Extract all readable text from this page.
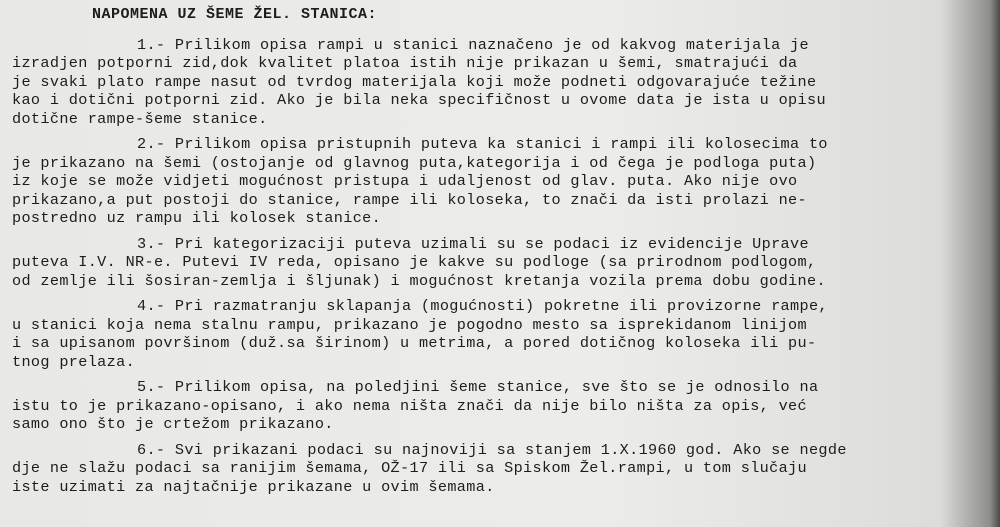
NAPOMENA UZ ŠEME ŽEL. STANICA:
1.- Prilikom opisa rampi u stanici naznačeno je od kakvog materijala je
izradjen potporni zid,dok kvalitet platoa istih nije prikazan u šemi, smatrajući da
je svaki plato rampe nasut od tvrdog materijala koji može podneti odgovarajuće težine
kao i dotični potporni zid. Ako je bila neka specifičnost u ovome data je ista u opisu
dotične rampe-šeme stanice.
2.- Prilikom opisa pristupnih puteva ka stanici i rampi ili kolosecima to
je prikazano na šemi (ostojanje od glavnog puta,kategorija i od čega je podloga puta)
iz koje se može vidjeti mogućnost pristupa i udaljenost od glav. puta. Ako nije ovo
prikazano,a put postoji do stanice, rampe ili koloseka, to znači da isti prolazi ne-
postredno uz rampu ili kolosek stanice.
3.- Pri kategorizaciji puteva uzimali su se podaci iz evidencije Uprave
puteva I.V. NR-e. Putevi IV reda, opisano je kakve su podloge (sa prirodnom podlogom,
od zemlje ili šosiran-zemlja i šljunak) i mogućnost kretanja vozila prema dobu godine.
4.- Pri razmatranju sklapanja (mogućnosti) pokretne ili provizorne rampe,
u stanici koja nema stalnu rampu, prikazano je pogodno mesto sa isprekidanom linijom
i sa upisanom površinom (duž.sa širinom) u metrima, a pored dotičnog koloseka ili pu-
tnog prelaza.
5.- Prilikom opisa, na poledjini šeme stanice, sve što se je odnosilo na
istu to je prikazano-opisano, i ako nema ništa znači da nije bilo ništa za opis, već
samo ono što je crtežom prikazano.
6.- Svi prikazani podaci su najnoviji sa stanjem 1.X.1960 god. Ako se negde
dje ne slažu podaci sa ranijim šemama, OŽ-17 ili sa Spiskom Žel.rampi, u tom slučaju
iste uzimati za najtačnije prikazane u ovim šemama.
